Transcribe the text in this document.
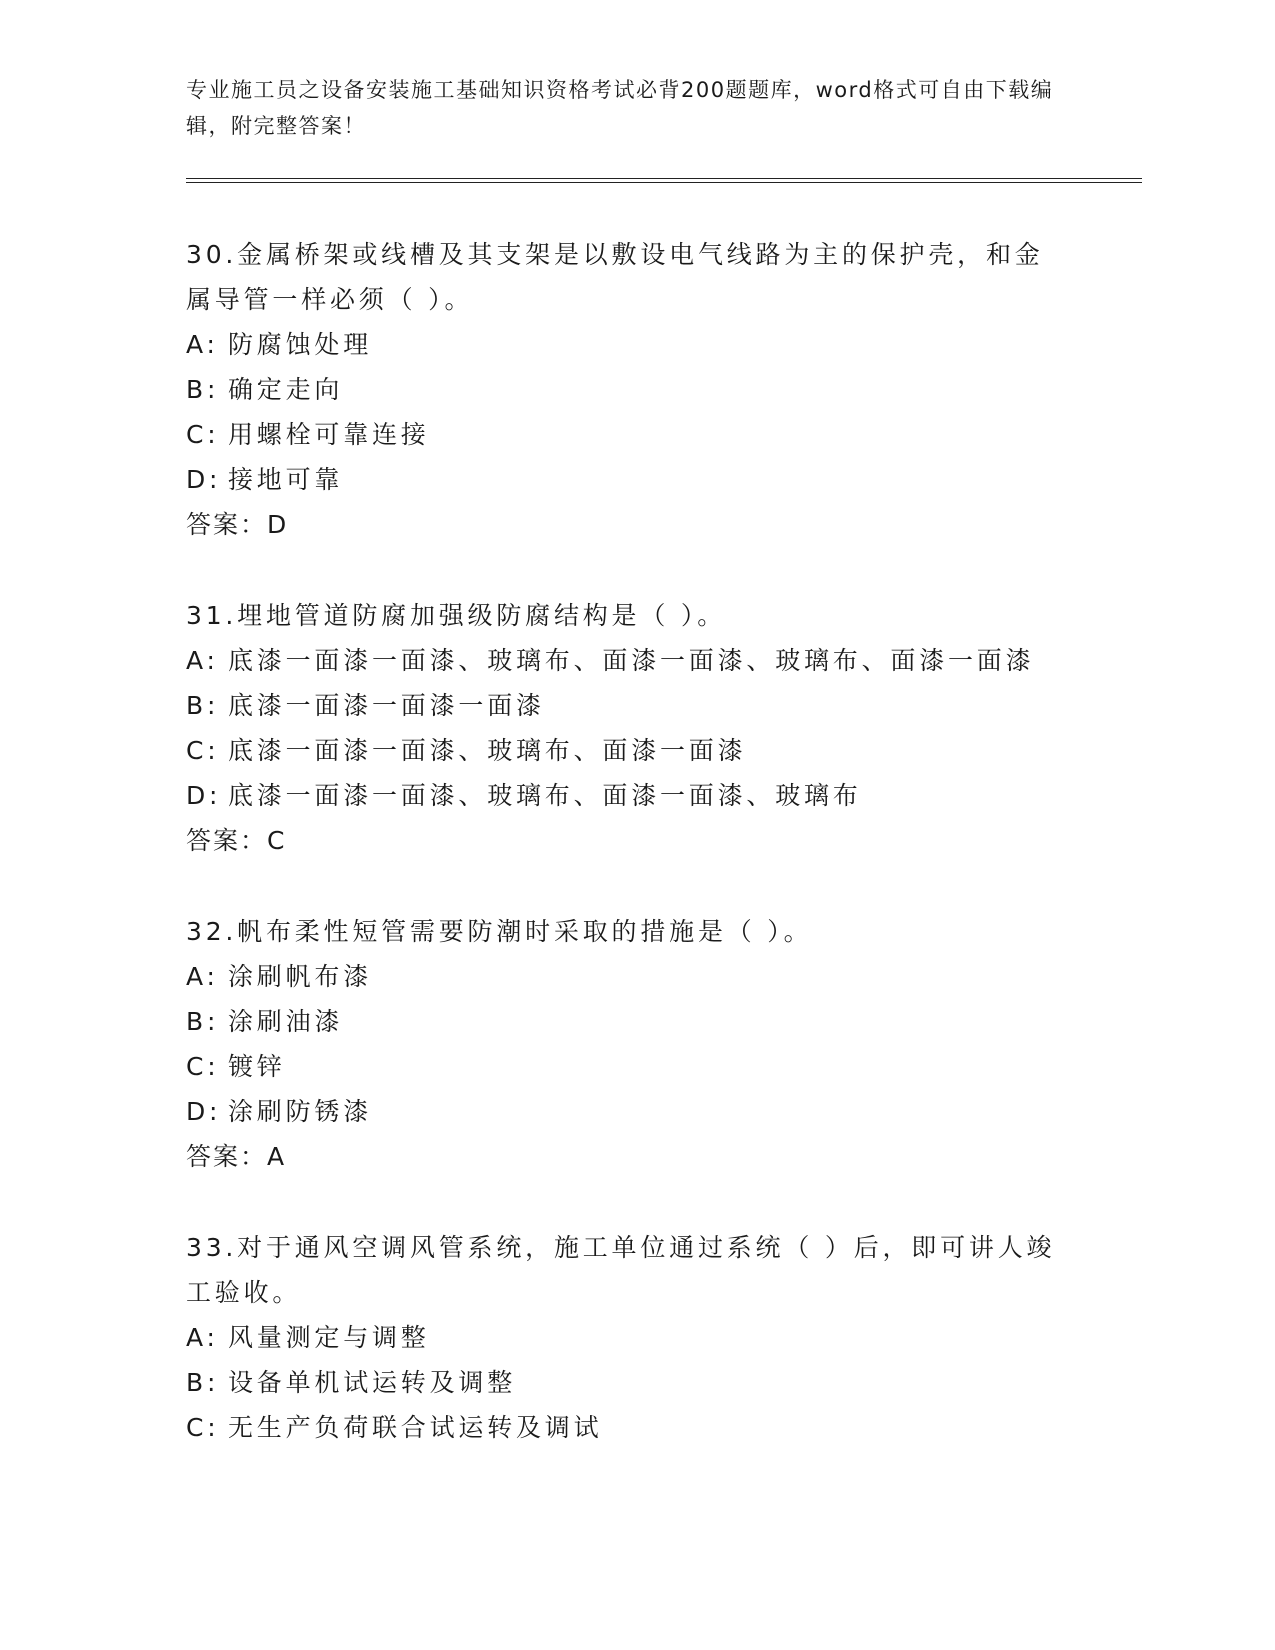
专业施工员之设备安装施工基础知识资格考试必背200题题库，word格式可自由下载编辑，附完整答案！
30.金属桥架或线槽及其支架是以敷设电气线路为主的保护壳，和金属导管一样必须（ ）。
A: 防腐蚀处理
B: 确定走向
C: 用螺栓可靠连接
D: 接地可靠
答案：D
31.埋地管道防腐加强级防腐结构是（ ）。
A: 底漆一面漆一面漆、玻璃布、面漆一面漆、玻璃布、面漆一面漆
B: 底漆一面漆一面漆一面漆
C: 底漆一面漆一面漆、玻璃布、面漆一面漆
D: 底漆一面漆一面漆、玻璃布、面漆一面漆、玻璃布
答案：C
32.帆布柔性短管需要防潮时采取的措施是（ ）。
A: 涂刷帆布漆
B: 涂刷油漆
C: 镀锌
D: 涂刷防锈漆
答案：A
33.对于通风空调风管系统，施工单位通过系统（ ）后，即可讲人竣工验收。
A: 风量测定与调整
B: 设备单机试运转及调整
C: 无生产负荷联合试运转及调试
